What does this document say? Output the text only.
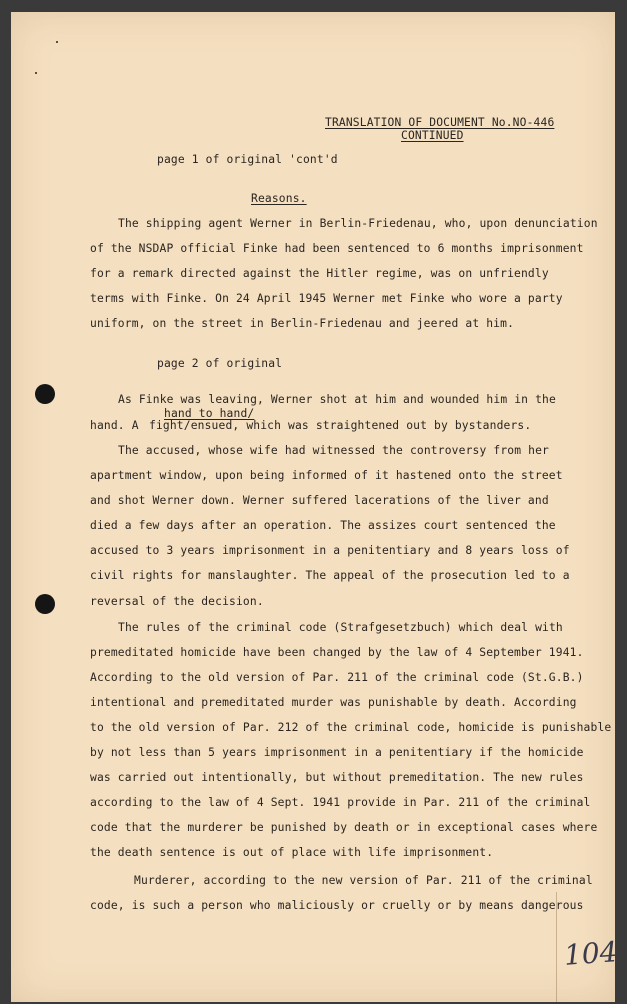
TRANSLATION OF DOCUMENT No.NO-446
CONTINUED
page 1 of original 'cont'd
Reasons.
The shipping agent Werner in Berlin-Friedenau, who, upon denunciation
of the NSDAP official Finke had been sentenced to 6 months imprisonment
for a remark directed against the Hitler regime, was on unfriendly
terms with Finke. On 24 April 1945 Werner met Finke who wore a party
uniform, on the street in Berlin-Friedenau and jeered at him.
page 2 of original
As Finke was leaving, Werner shot at him and wounded him in the
hand to hand/
hand. A fight/ensued, which was straightened out by bystanders.
The accused, whose wife had witnessed the controversy from her
apartment window, upon being informed of it hastened onto the street
and shot Werner down. Werner suffered lacerations of the liver and
died a few days after an operation. The assizes court sentenced the
accused to 3 years imprisonment in a penitentiary and 8 years loss of
civil rights for manslaughter. The appeal of the prosecution led to a
reversal of the decision.
The rules of the criminal code (Strafgesetzbuch) which deal with
premeditated homicide have been changed by the law of 4 September 1941.
According to the old version of Par. 211 of the criminal code (St.G.B.)
intentional and premeditated murder was punishable by death. According
to the old version of Par. 212 of the criminal code, homicide is punishable
by not less than 5 years imprisonment in a penitentiary if the homicide
was carried out intentionally, but without premeditation. The new rules
according to the law of 4 Sept. 1941 provide in Par. 211 of the criminal
code that the murderer be punished by death or in exceptional cases where
the death sentence is out of place with life imprisonment.
Murderer, according to the new version of Par. 211 of the criminal
code, is such a person who maliciously or cruelly or by means dangerous
104
